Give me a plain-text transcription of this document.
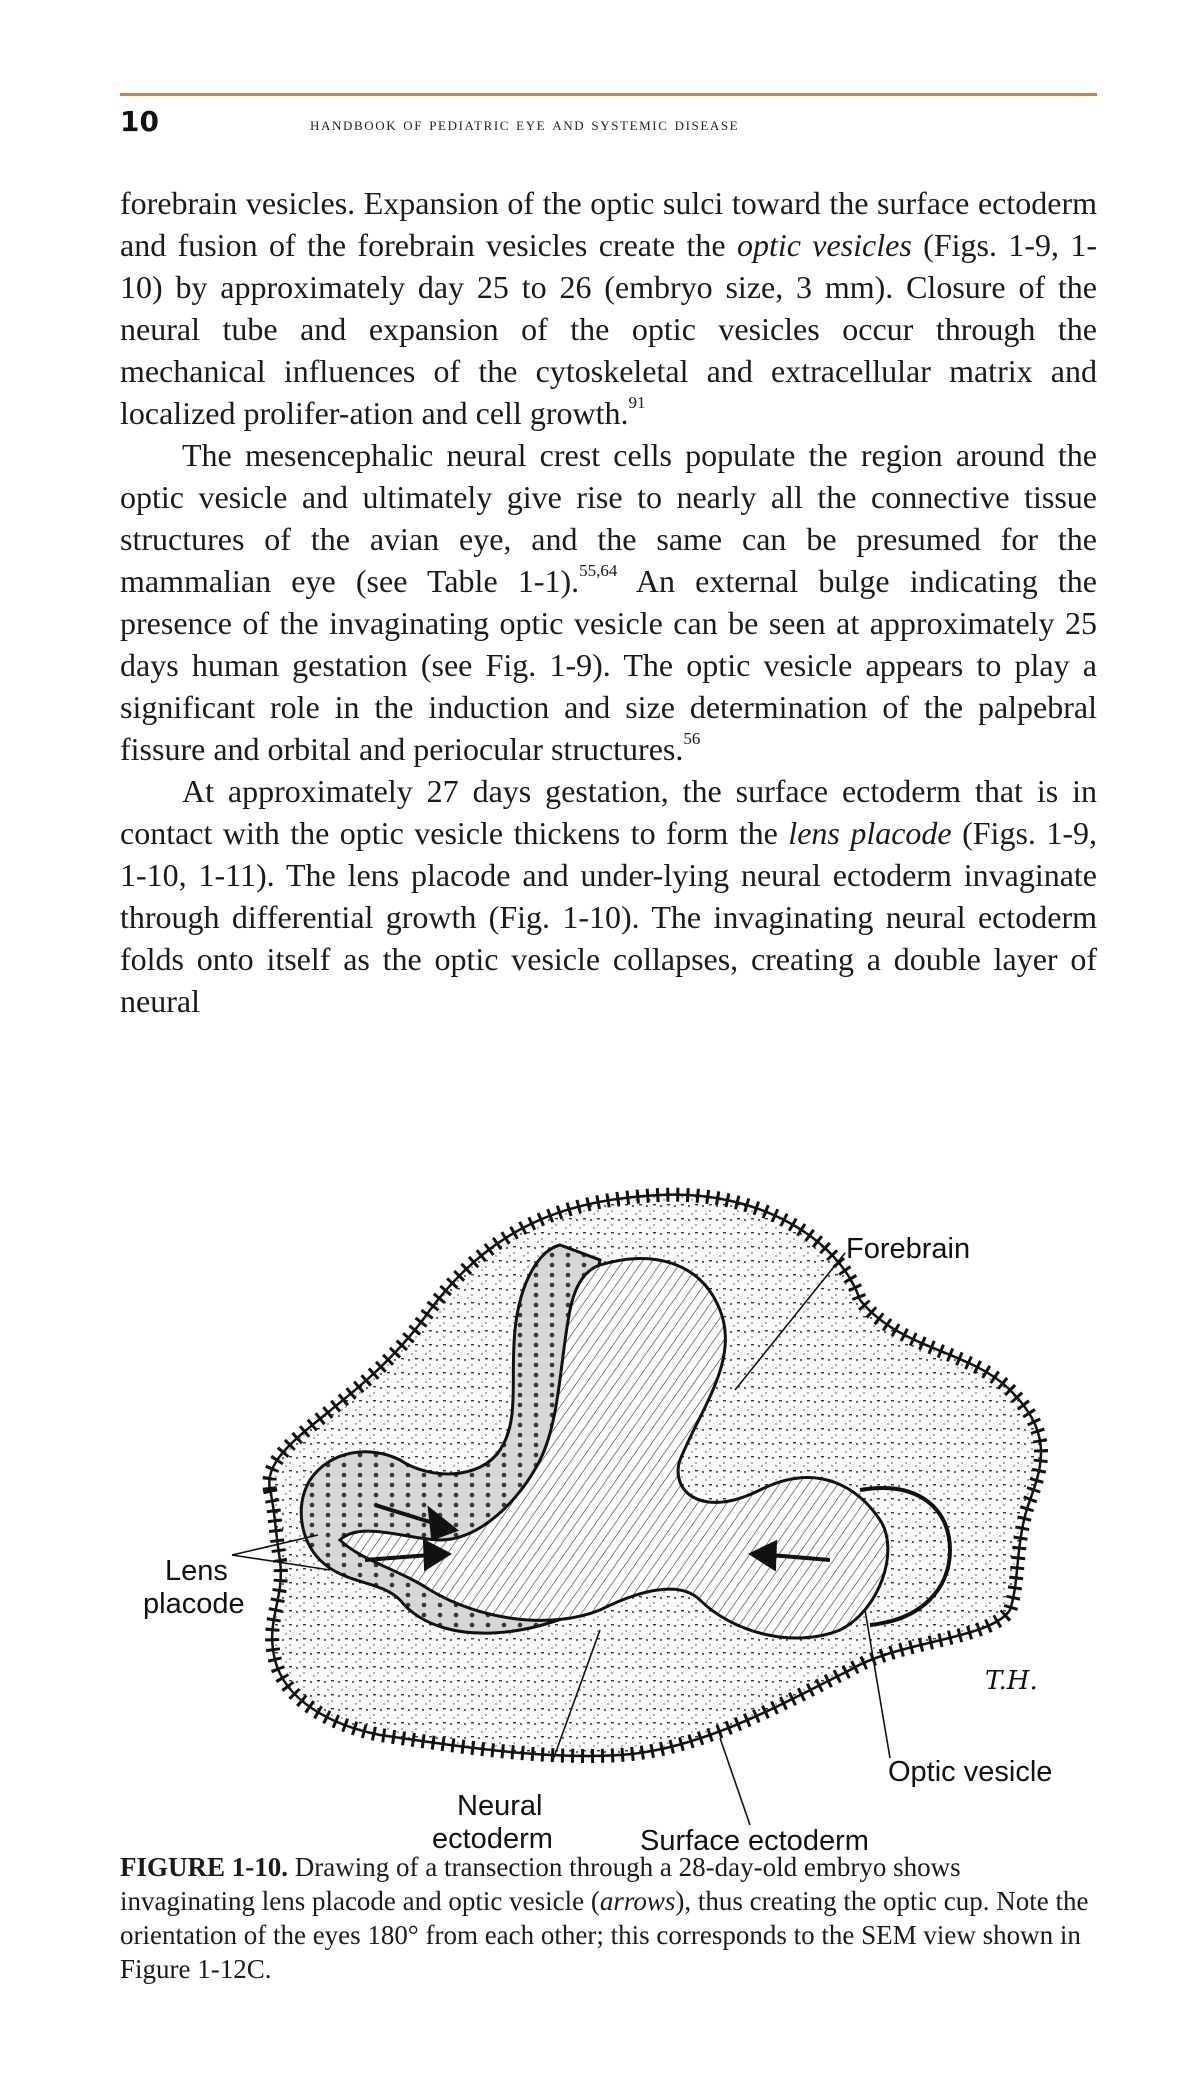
10	handbook of pediatric eye and systemic disease

forebrain vesicles. Expansion of the optic sulci toward the surface ectoderm and fusion of the forebrain vesicles create the optic vesicles (Figs. 1-9, 1-10) by approximately day 25 to 26 (embryo size, 3 mm). Closure of the neural tube and expansion of the optic vesicles occur through the mechanical influences of the cytoskeletal and extracellular matrix and localized prolifer-ation and cell growth.$^{91}$

The mesencephalic neural crest cells populate the region around the optic vesicle and ultimately give rise to nearly all the connective tissue structures of the avian eye, and the same can be presumed for the mammalian eye (see Table 1-1).$^{55,64}$ An external bulge indicating the presence of the invaginating optic vesicle can be seen at approximately 25 days human gestation (see Fig. 1-9). The optic vesicle appears to play a significant role in the induction and size determination of the palpebral fissure and orbital and periocular structures.$^{56}$

At approximately 27 days gestation, the surface ectoderm that is in contact with the optic vesicle thickens to form the lens placode (Figs. 1-9, 1-10, 1-11). The lens placode and under-lying neural ectoderm invaginate through differential growth (Fig. 1-10). The invaginating neural ectoderm folds onto itself as the optic vesicle collapses, creating a double layer of neural

Forebrain
Lens
placode
Optic vesicle
Neural
ectoderm	Surface ectoderm
T.H.
FIGURE 1-10. Drawing of a transection through a 28-day-old embryo shows invaginating lens placode and optic vesicle (arrows), thus creating the optic cup. Note the orientation of the eyes 180° from each other; this corresponds to the SEM view shown in Figure 1-12C.
